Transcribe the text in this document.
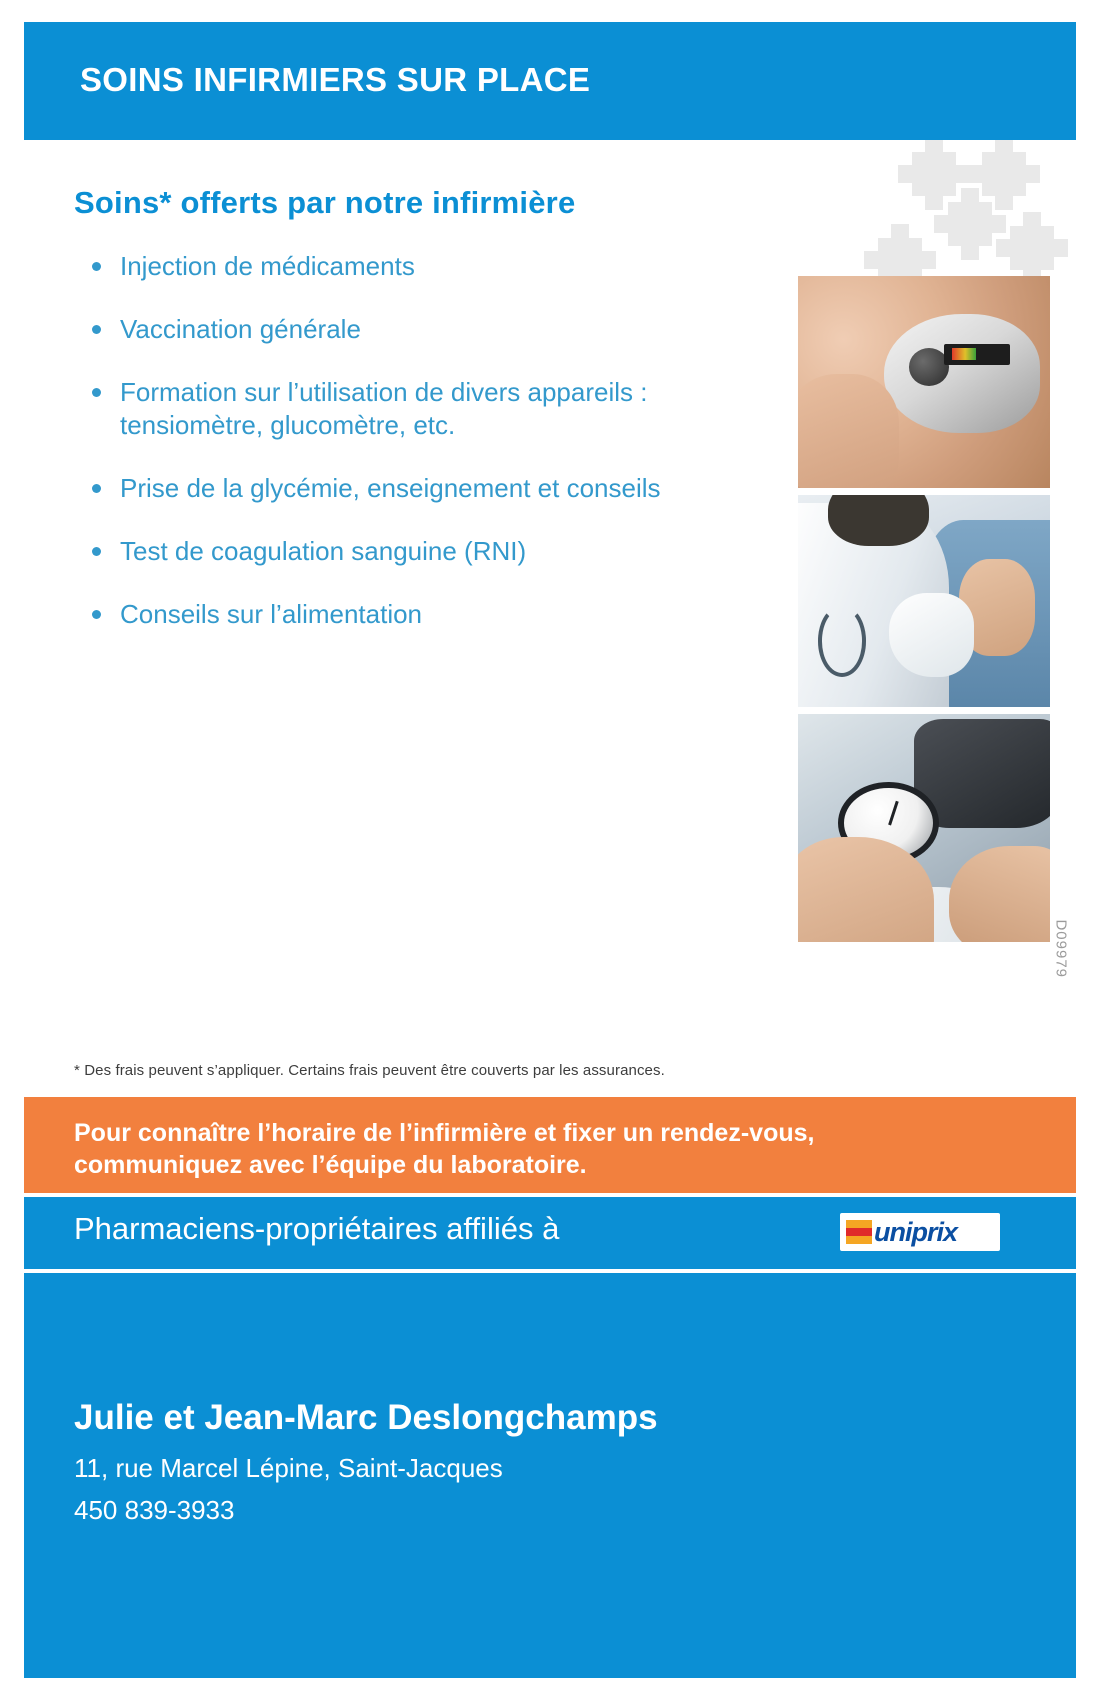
SOINS INFIRMIERS SUR PLACE
Soins* offerts par notre infirmière
Injection de médicaments
Vaccination générale
Formation sur l’utilisation de divers appareils : tensiomètre, glucomètre, etc.
Prise de la glycémie, enseignement et conseils
Test de coagulation sanguine (RNI)
Conseils sur l’alimentation
D09979
* Des frais peuvent s’appliquer. Certains frais peuvent être couverts par les assurances.
Pour connaître l’horaire de l’infirmière et fixer un rendez-vous,
communiquez avec l’équipe du laboratoire.
Pharmaciens-propriétaires affiliés à	uniprix
Julie et Jean-Marc Deslongchamps
11, rue Marcel Lépine, Saint-Jacques
450 839-3933
